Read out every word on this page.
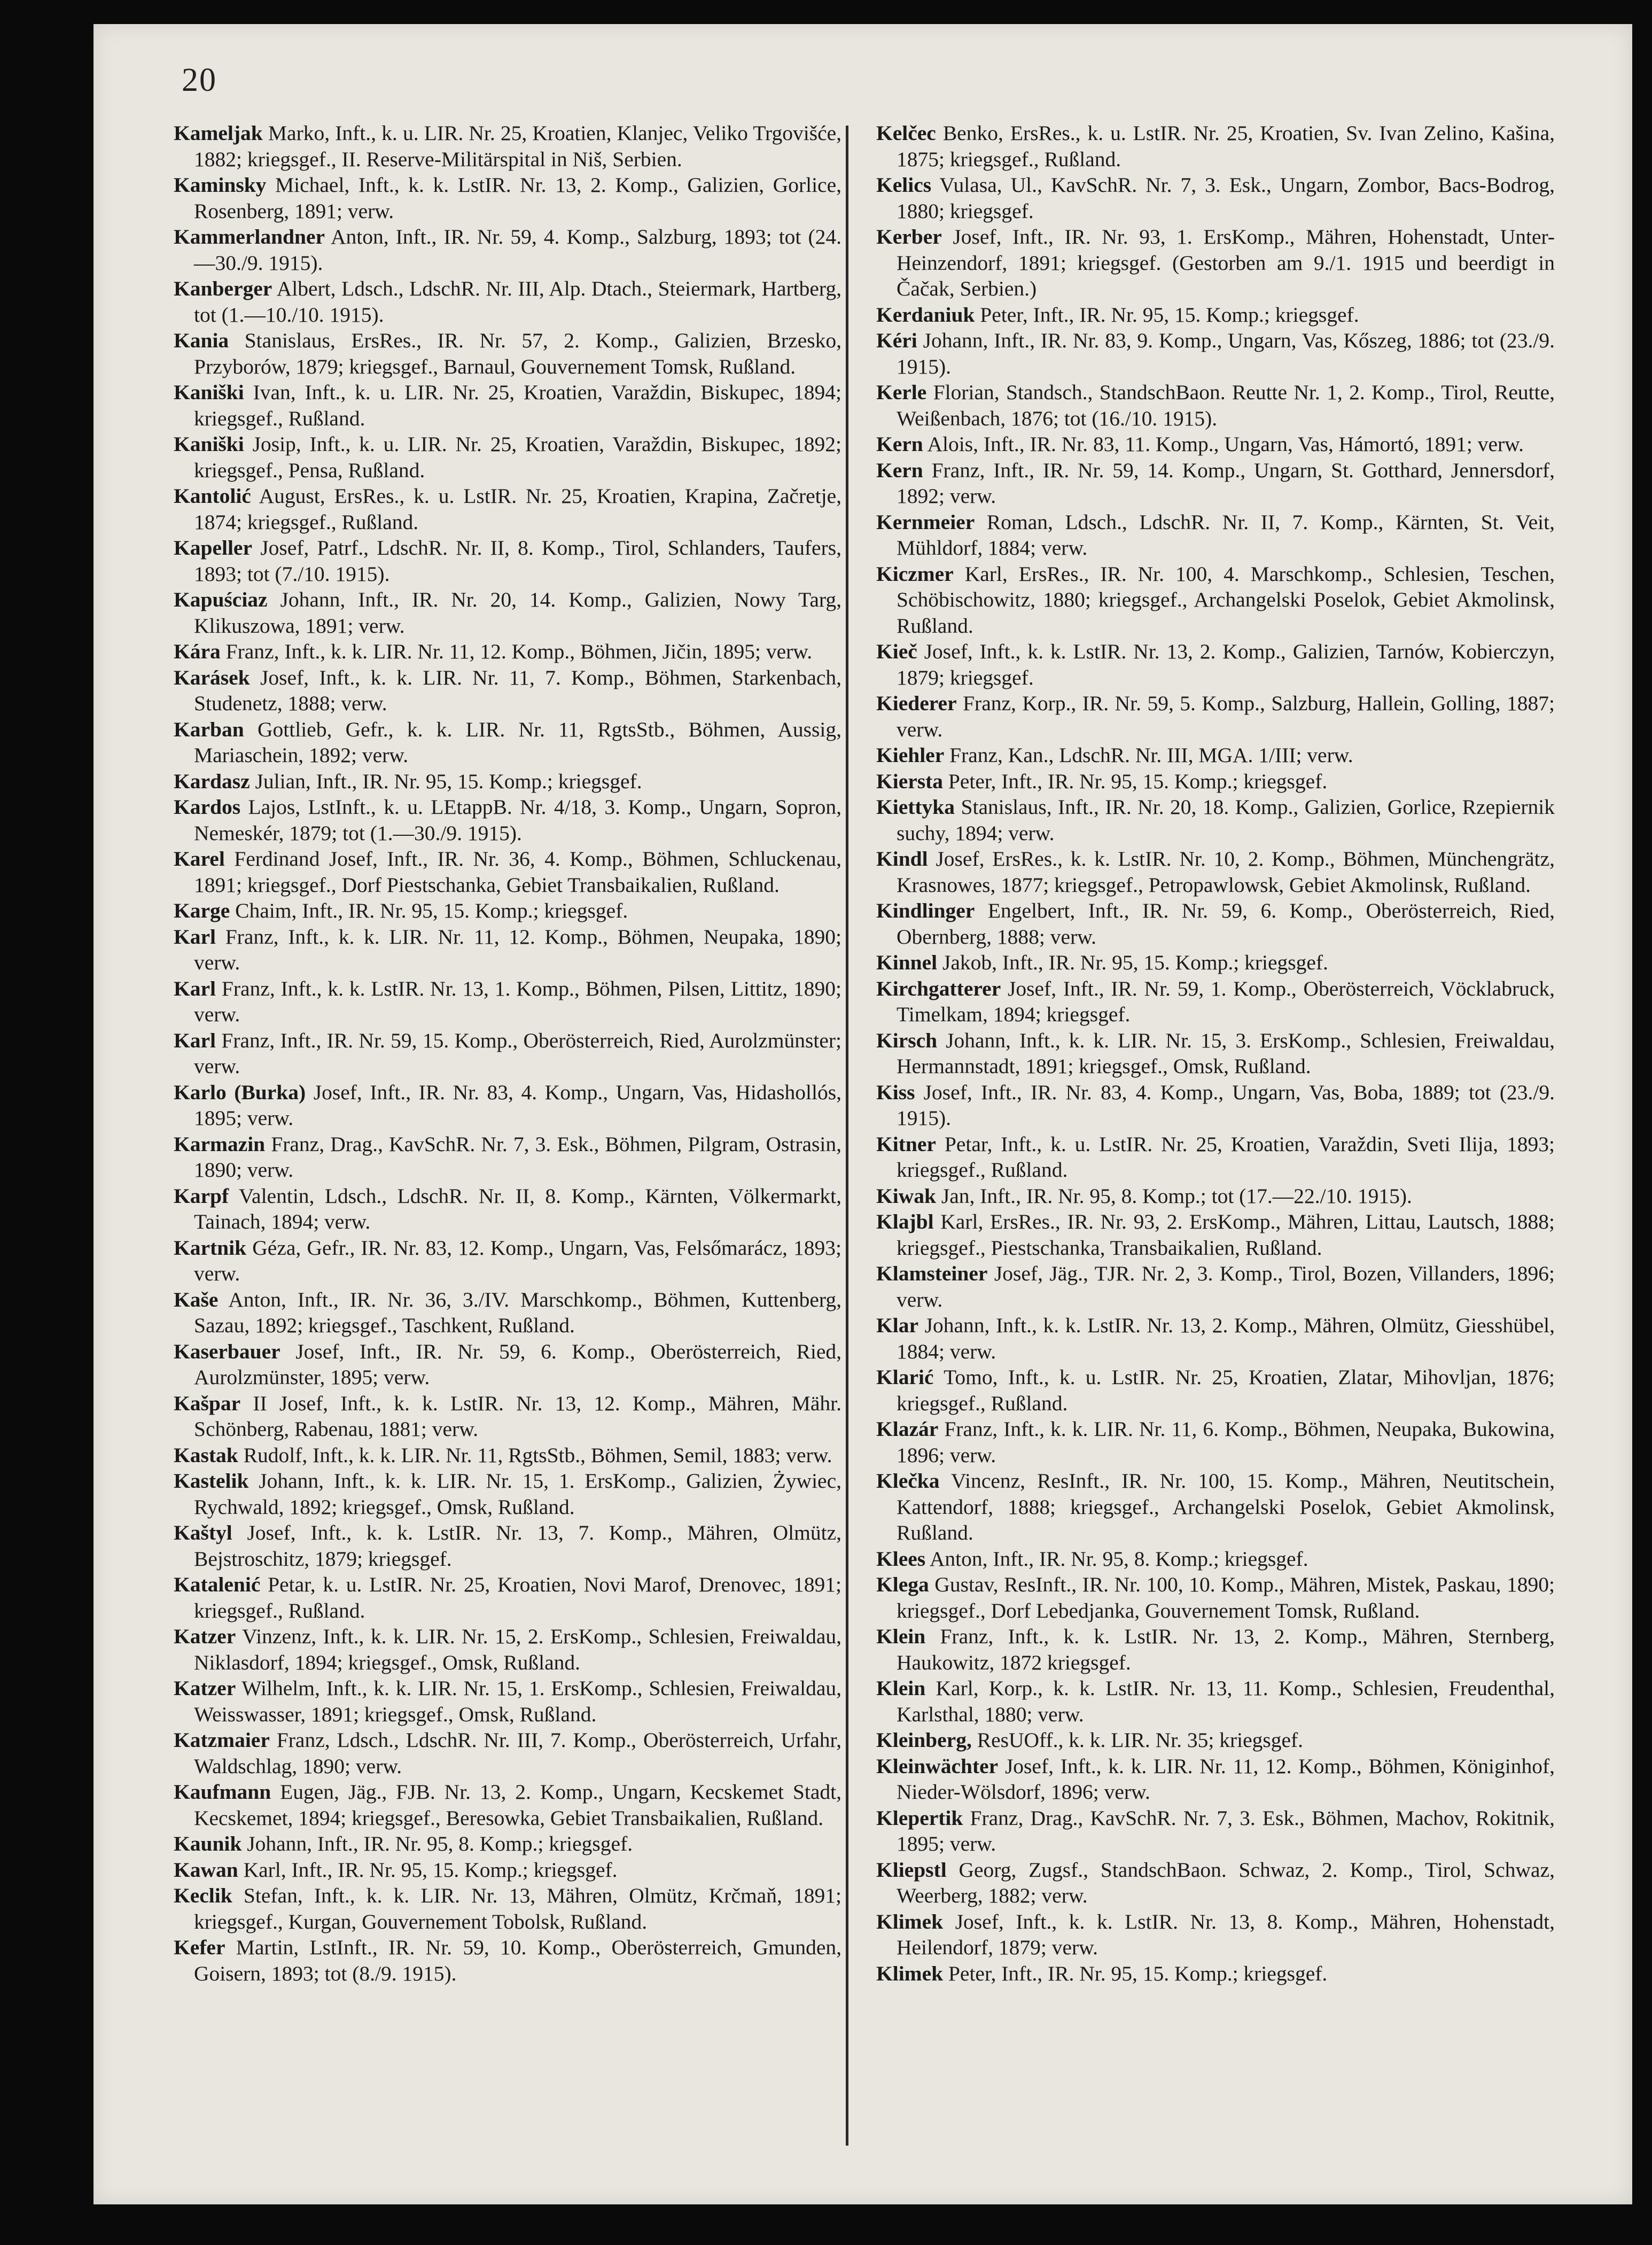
20

Kameljak Marko, Inft., k. u. LIR. Nr. 25, Kroatien, Klanjec, Veliko Trgovišće, 1882; kriegsgef., II. Reserve-Militärspital in Niš, Serbien.

Kaminsky Michael, Inft., k. k. LstIR. Nr. 13, 2. Komp., Galizien, Gorlice, Rosenberg, 1891; verw.

Kammerlandner Anton, Inft., IR. Nr. 59, 4. Komp., Salzburg, 1893; tot (24.—30./9. 1915).

Kanberger Albert, Ldsch., LdschR. Nr. III, Alp. Dtach., Steiermark, Hartberg, tot (1.—10./10. 1915).

Kania Stanislaus, ErsRes., IR. Nr. 57, 2. Komp., Galizien, Brzesko, Przyborów, 1879; kriegsgef., Barnaul, Gouvernement Tomsk, Rußland.

Kaniški Ivan, Inft., k. u. LIR. Nr. 25, Kroatien, Varaždin, Biskupec, 1894; kriegsgef., Rußland.

Kaniški Josip, Inft., k. u. LIR. Nr. 25, Kroatien, Varaždin, Biskupec, 1892; kriegsgef., Pensa, Rußland.

Kantolić August, ErsRes., k. u. LstIR. Nr. 25, Kroatien, Krapina, Začretje, 1874; kriegsgef., Rußland.

Kapeller Josef, Patrf., LdschR. Nr. II, 8. Komp., Tirol, Schlanders, Taufers, 1893; tot (7./10. 1915).

Kapuściaz Johann, Inft., IR. Nr. 20, 14. Komp., Galizien, Nowy Targ, Klikuszowa, 1891; verw.

Kára Franz, Inft., k. k. LIR. Nr. 11, 12. Komp., Böhmen, Jičin, 1895; verw.

Karásek Josef, Inft., k. k. LIR. Nr. 11, 7. Komp., Böhmen, Starkenbach, Studenetz, 1888; verw.

Karban Gottlieb, Gefr., k. k. LIR. Nr. 11, RgtsStb., Böhmen, Aussig, Mariaschein, 1892; verw.

Kardasz Julian, Inft., IR. Nr. 95, 15. Komp.; kriegsgef.

Kardos Lajos, LstInft., k. u. LEtappB. Nr. 4/18, 3. Komp., Ungarn, Sopron, Nemeskér, 1879; tot (1.—30./9. 1915).

Karel Ferdinand Josef, Inft., IR. Nr. 36, 4. Komp., Böhmen, Schluckenau, 1891; kriegsgef., Dorf Piestschanka, Gebiet Transbaikalien, Rußland.

Karge Chaim, Inft., IR. Nr. 95, 15. Komp.; kriegsgef.

Karl Franz, Inft., k. k. LIR. Nr. 11, 12. Komp., Böhmen, Neupaka, 1890; verw.

Karl Franz, Inft., k. k. LstIR. Nr. 13, 1. Komp., Böhmen, Pilsen, Littitz, 1890; verw.

Karl Franz, Inft., IR. Nr. 59, 15. Komp., Oberösterreich, Ried, Aurolzmünster; verw.

Karlo (Burka) Josef, Inft., IR. Nr. 83, 4. Komp., Ungarn, Vas, Hidashollós, 1895; verw.

Karmazin Franz, Drag., KavSchR. Nr. 7, 3. Esk., Böhmen, Pilgram, Ostrasin, 1890; verw.

Karpf Valentin, Ldsch., LdschR. Nr. II, 8. Komp., Kärnten, Völkermarkt, Tainach, 1894; verw.

Kartnik Géza, Gefr., IR. Nr. 83, 12. Komp., Ungarn, Vas, Felsőmarácz, 1893; verw.

Kaše Anton, Inft., IR. Nr. 36, 3./IV. Marschkomp., Böhmen, Kuttenberg, Sazau, 1892; kriegsgef., Taschkent, Rußland.

Kaserbauer Josef, Inft., IR. Nr. 59, 6. Komp., Oberösterreich, Ried, Aurolzmünster, 1895; verw.

Kašpar II Josef, Inft., k. k. LstIR. Nr. 13, 12. Komp., Mähren, Mähr. Schönberg, Rabenau, 1881; verw.

Kastak Rudolf, Inft., k. k. LIR. Nr. 11, RgtsStb., Böhmen, Semil, 1883; verw.

Kastelik Johann, Inft., k. k. LIR. Nr. 15, 1. ErsKomp., Galizien, Żywiec, Rychwald, 1892; kriegsgef., Omsk, Rußland.

Kaštyl Josef, Inft., k. k. LstIR. Nr. 13, 7. Komp., Mähren, Olmütz, Bejstroschitz, 1879; kriegsgef.

Katalenić Petar, k. u. LstIR. Nr. 25, Kroatien, Novi Marof, Drenovec, 1891; kriegsgef., Rußland.

Katzer Vinzenz, Inft., k. k. LIR. Nr. 15, 2. ErsKomp., Schlesien, Freiwaldau, Niklasdorf, 1894; kriegsgef., Omsk, Rußland.

Katzer Wilhelm, Inft., k. k. LIR. Nr. 15, 1. ErsKomp., Schlesien, Freiwaldau, Weisswasser, 1891; kriegsgef., Omsk, Rußland.

Katzmaier Franz, Ldsch., LdschR. Nr. III, 7. Komp., Oberösterreich, Urfahr, Waldschlag, 1890; verw.

Kaufmann Eugen, Jäg., FJB. Nr. 13, 2. Komp., Ungarn, Kecskemet Stadt, Kecskemet, 1894; kriegsgef., Beresowka, Gebiet Transbaikalien, Rußland.

Kaunik Johann, Inft., IR. Nr. 95, 8. Komp.; kriegsgef.

Kawan Karl, Inft., IR. Nr. 95, 15. Komp.; kriegsgef.

Keclik Stefan, Inft., k. k. LIR. Nr. 13, Mähren, Olmütz, Krčmaň, 1891; kriegsgef., Kurgan, Gouvernement Tobolsk, Rußland.

Kefer Martin, LstInft., IR. Nr. 59, 10. Komp., Oberösterreich, Gmunden, Goisern, 1893; tot (8./9. 1915).

Kelčec Benko, ErsRes., k. u. LstIR. Nr. 25, Kroatien, Sv. Ivan Zelino, Kašina, 1875; kriegsgef., Rußland.

Kelics Vulasa, Ul., KavSchR. Nr. 7, 3. Esk., Ungarn, Zombor, Bacs-Bodrog, 1880; kriegsgef.

Kerber Josef, Inft., IR. Nr. 93, 1. ErsKomp., Mähren, Hohenstadt, Unter-Heinzendorf, 1891; kriegsgef. (Gestorben am 9./1. 1915 und beerdigt in Čačak, Serbien.)

Kerdaniuk Peter, Inft., IR. Nr. 95, 15. Komp.; kriegsgef.

Kéri Johann, Inft., IR. Nr. 83, 9. Komp., Ungarn, Vas, Kőszeg, 1886; tot (23./9. 1915).

Kerle Florian, Standsch., StandschBaon. Reutte Nr. 1, 2. Komp., Tirol, Reutte, Weißenbach, 1876; tot (16./10. 1915).

Kern Alois, Inft., IR. Nr. 83, 11. Komp., Ungarn, Vas, Hámortó, 1891; verw.

Kern Franz, Inft., IR. Nr. 59, 14. Komp., Ungarn, St. Gotthard, Jennersdorf, 1892; verw.

Kernmeier Roman, Ldsch., LdschR. Nr. II, 7. Komp., Kärnten, St. Veit, Mühldorf, 1884; verw.

Kiczmer Karl, ErsRes., IR. Nr. 100, 4. Marschkomp., Schlesien, Teschen, Schöbischowitz, 1880; kriegsgef., Archangelski Poselok, Gebiet Akmolinsk, Rußland.

Kieč Josef, Inft., k. k. LstIR. Nr. 13, 2. Komp., Galizien, Tarnów, Kobierczyn, 1879; kriegsgef.

Kiederer Franz, Korp., IR. Nr. 59, 5. Komp., Salzburg, Hallein, Golling, 1887; verw.

Kiehler Franz, Kan., LdschR. Nr. III, MGA. 1/III; verw.

Kiersta Peter, Inft., IR. Nr. 95, 15. Komp.; kriegsgef.

Kiettyka Stanislaus, Inft., IR. Nr. 20, 18. Komp., Galizien, Gorlice, Rzepiernik suchy, 1894; verw.

Kindl Josef, ErsRes., k. k. LstIR. Nr. 10, 2. Komp., Böhmen, Münchengrätz, Krasnowes, 1877; kriegsgef., Petropawlowsk, Gebiet Akmolinsk, Rußland.

Kindlinger Engelbert, Inft., IR. Nr. 59, 6. Komp., Oberösterreich, Ried, Obernberg, 1888; verw.

Kinnel Jakob, Inft., IR. Nr. 95, 15. Komp.; kriegsgef.

Kirchgatterer Josef, Inft., IR. Nr. 59, 1. Komp., Oberösterreich, Vöcklabruck, Timelkam, 1894; kriegsgef.

Kirsch Johann, Inft., k. k. LIR. Nr. 15, 3. ErsKomp., Schlesien, Freiwaldau, Hermannstadt, 1891; kriegsgef., Omsk, Rußland.

Kiss Josef, Inft., IR. Nr. 83, 4. Komp., Ungarn, Vas, Boba, 1889; tot (23./9. 1915).

Kitner Petar, Inft., k. u. LstIR. Nr. 25, Kroatien, Varaždin, Sveti Ilija, 1893; kriegsgef., Rußland.

Kiwak Jan, Inft., IR. Nr. 95, 8. Komp.; tot (17.—22./10. 1915).

Klajbl Karl, ErsRes., IR. Nr. 93, 2. ErsKomp., Mähren, Littau, Lautsch, 1888; kriegsgef., Piestschanka, Transbaikalien, Rußland.

Klamsteiner Josef, Jäg., TJR. Nr. 2, 3. Komp., Tirol, Bozen, Villanders, 1896; verw.

Klar Johann, Inft., k. k. LstIR. Nr. 13, 2. Komp., Mähren, Olmütz, Giesshübel, 1884; verw.

Klarić Tomo, Inft., k. u. LstIR. Nr. 25, Kroatien, Zlatar, Mihovljan, 1876; kriegsgef., Rußland.

Klazár Franz, Inft., k. k. LIR. Nr. 11, 6. Komp., Böhmen, Neupaka, Bukowina, 1896; verw.

Klečka Vincenz, ResInft., IR. Nr. 100, 15. Komp., Mähren, Neutitschein, Kattendorf, 1888; kriegsgef., Archangelski Poselok, Gebiet Akmolinsk, Rußland.

Klees Anton, Inft., IR. Nr. 95, 8. Komp.; kriegsgef.

Klega Gustav, ResInft., IR. Nr. 100, 10. Komp., Mähren, Mistek, Paskau, 1890; kriegsgef., Dorf Lebedjanka, Gouvernement Tomsk, Rußland.

Klein Franz, Inft., k. k. LstIR. Nr. 13, 2. Komp., Mähren, Sternberg, Haukowitz, 1872 kriegsgef.

Klein Karl, Korp., k. k. LstIR. Nr. 13, 11. Komp., Schlesien, Freudenthal, Karlsthal, 1880; verw.

Kleinberg, ResUOff., k. k. LIR. Nr. 35; kriegsgef.

Kleinwächter Josef, Inft., k. k. LIR. Nr. 11, 12. Komp., Böhmen, Königinhof, Nieder-Wölsdorf, 1896; verw.

Klepertik Franz, Drag., KavSchR. Nr. 7, 3. Esk., Böhmen, Machov, Rokitnik, 1895; verw.

Kliepstl Georg, Zugsf., StandschBaon. Schwaz, 2. Komp., Tirol, Schwaz, Weerberg, 1882; verw.

Klimek Josef, Inft., k. k. LstIR. Nr. 13, 8. Komp., Mähren, Hohenstadt, Heilendorf, 1879; verw.

Klimek Peter, Inft., IR. Nr. 95, 15. Komp.; kriegsgef.
